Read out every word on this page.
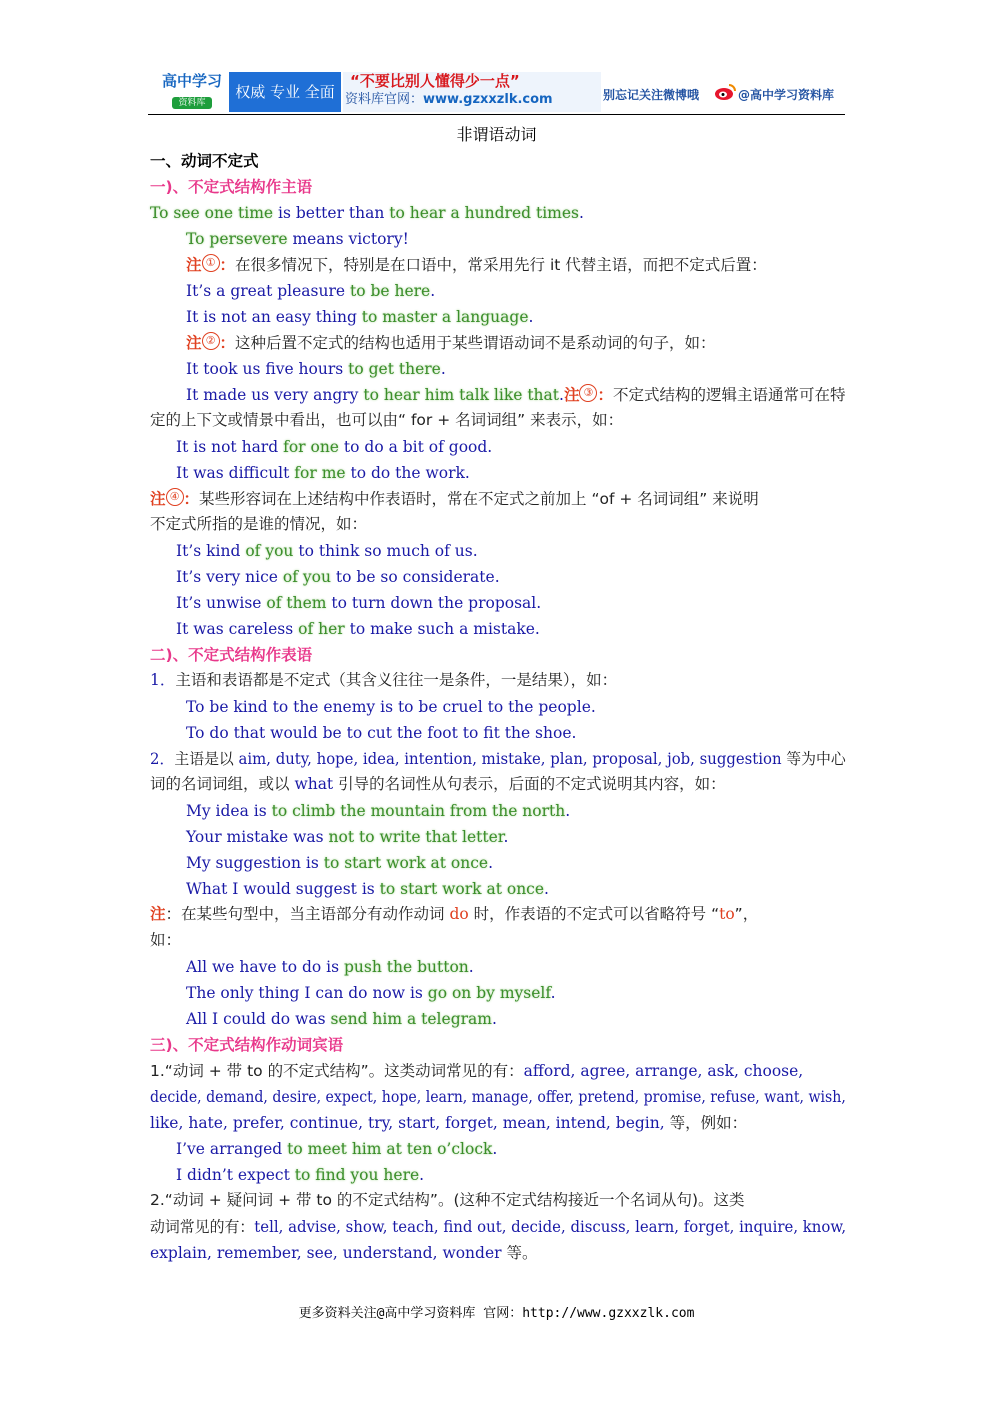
高中学习
资料库
权威 专业 全面
“不要比别人懂得少一点”
资料库官网：www.gzxxzlk.com	别忘记关注微博哦	@高中学习资料库
非谓语动词
一、动词不定式
一)、不定式结构作主语
To see one time is better than to hear a hundred times.
To persevere means victory!
注 ① ：在很多情况下，特别是在口语中，常采用先行 it 代替主语，而把不定式后置：
It’s a great pleasure to be here.
It is not an easy thing to master a language.
注 ② ：这种后置不定式的结构也适用于某些谓语动词不是系动词的句子，如：
It took us five hours to get there.
It made us very angry to hear him talk like that.注 ③ ：不定式结构的逻辑主语通常可在特
定的上下文或情景中看出，也可以由“ for + 名词词组” 来表示，如：
It is not hard for one to do a bit of good.
It was difficult for me to do the work.
注 ④ ：某些形容词在上述结构中作表语时，常在不定式之前加上 “of + 名词词组” 来说明
不定式所指的是谁的情况，如：
It’s kind of you to think so much of us.
It’s very nice of you to be so considerate.
It’s unwise of them to turn down the proposal.
It was careless of her to make such a mistake.
二)、不定式结构作表语
1．主语和表语都是不定式（其含义往往一是条件，一是结果），如：
To be kind to the enemy is to be cruel to the people.
To do that would be to cut the foot to fit the shoe.
2．主语是以 aim, duty, hope, idea, intention, mistake, plan, proposal, job, suggestion 等为中心
词的名词词组，或以 what 引导的名词性从句表示，后面的不定式说明其内容，如：
My idea is to climb the mountain from the north.
Your mistake was not to write that letter.
My suggestion is to start work at once.
What I would suggest is to start work at once.
注：在某些句型中，当主语部分有动作动词 do 时，作表语的不定式可以省略符号 “to”，
如：
All we have to do is push the button.
The only thing I can do now is go on by myself.
All I could do was send him a telegram.
三)、不定式结构作动词宾语
1.“动词 + 带 to 的不定式结构”。这类动词常见的有：afford, agree, arrange, ask, choose,
decide, demand, desire, expect, hope, learn, manage, offer, pretend, promise, refuse, want, wish,
like, hate, prefer, continue, try, start, forget, mean, intend, begin, 等，例如：
I’ve arranged to meet him at ten o’clock.
I didn’t expect to find you here.
2.“动词 + 疑问词 + 带 to 的不定式结构”。(这种不定式结构接近一个名词从句)。这类
动词常见的有：tell, advise, show, teach, find out, decide, discuss, learn, forget, inquire, know,
explain, remember, see, understand, wonder 等。
更多资料关注@高中学习资料库 官网：http://www.gzxxzlk.com
